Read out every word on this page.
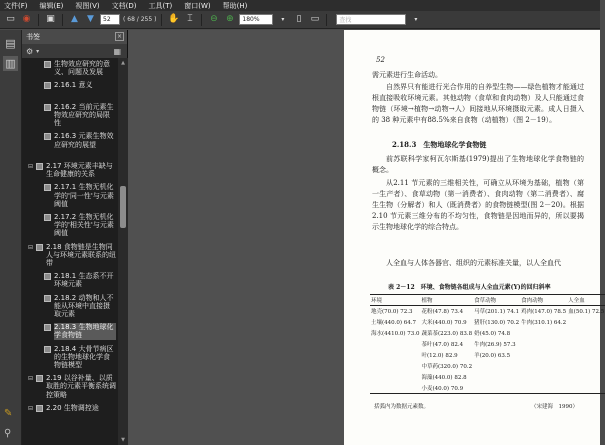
文件(F) 编辑(E) 视图(V) 文档(D) 工具(T) 窗口(W) 帮助(H)
▭ ◉ ▣	▲	▼	52	( 68 / 255 ) ✋ ⌶	⊖ ⊕	180%	▾	▯	▭	查找	▾
▤
▥
✎
⚲
书签	×
⚙ ▾	▦
生物效应研究的意义、问题及发展
2.16.1 意义
2.16.2 当前元素生物效应研究的局限性
2.16.3 元素生物效应研究的展望
⊟ 2.17 环境元素丰缺与生命健康的关系
2.17.1 生物无机化学的'同一性'与元素阈值
2.17.2 生物无机化学的'相关性'与元素阈值
⊟ 2.18 食物链是生物同人与环境元素联系的纽带
2.18.1 生态系不开环境元素
2.18.2 动物和人不能从环境中直接摄取元素
2.18.3 生物地球化学食物链
2.18.4 大骨节病区的生物地球化学食物链模型
⊟ 2.19 以谷补量、以质取胜的元素平衡系统调控策略
⊟ 2.20 生物调控途
▲
▼
52
需元素进行生命活动。
自然界只有能进行光合作用的自养型生物——绿色植物才能通过根直接吸收环境元素。其他动物（食草和食肉动物）及人只能通过食物链（环境→植物→动物→人）间接地从环境摄取元素。成人日摄入的 38 种元素中有88.5%来自食物（动植物）（图 2－19）。
2.18.3　生物地球化学食物链
前苏联科学家柯瓦尔斯基(1979)提出了生物地球化学食物链的概念。
从2.11 节元素的三维相关性，可确立从环境为基础，植物（第一生产者）、食草动物（第一消费者）、食肉动物（第二消费者）、腐生生物（分解者）和人（既消费者）的食物链模型(图 2－20)。根据2.10 节元素三维分布的不均匀性，食物链是因地而异的，所以要揭示生物地球化学的综合特点。
人全血与人体各器官、组织的元素标准关量，以人全血代
表 2－12　环境、食物链各组成与人全血元素(Y)的回归斜率
环境	植物	食草动物	食肉动物	人全血
地壳(70.0) 72.3	花粉(47.8) 73.4	马草(201.1) 74.1	鸡肉(147.0) 78.5	血(50.1) 72.5
土壤(440.0) 64.7	大米(440.0) 70.9	猪肝(130.0) 70.2	牛肉(310.1) 64.2	
海水(4410.0) 73.0	蔬菜茶(223.0) 83.8	奶(45.0) 74.8		
	茶叶(47.0) 82.4	牛肉(26.9) 57.3		
	叶(12.0) 82.9	羊(20.0) 63.5		
	中草药(320.0) 70.2			
	海藻(440.0) 82.8			
	小麦(40.0) 70.9			
括弧内为数据元素数。	（宋建海　1990）
